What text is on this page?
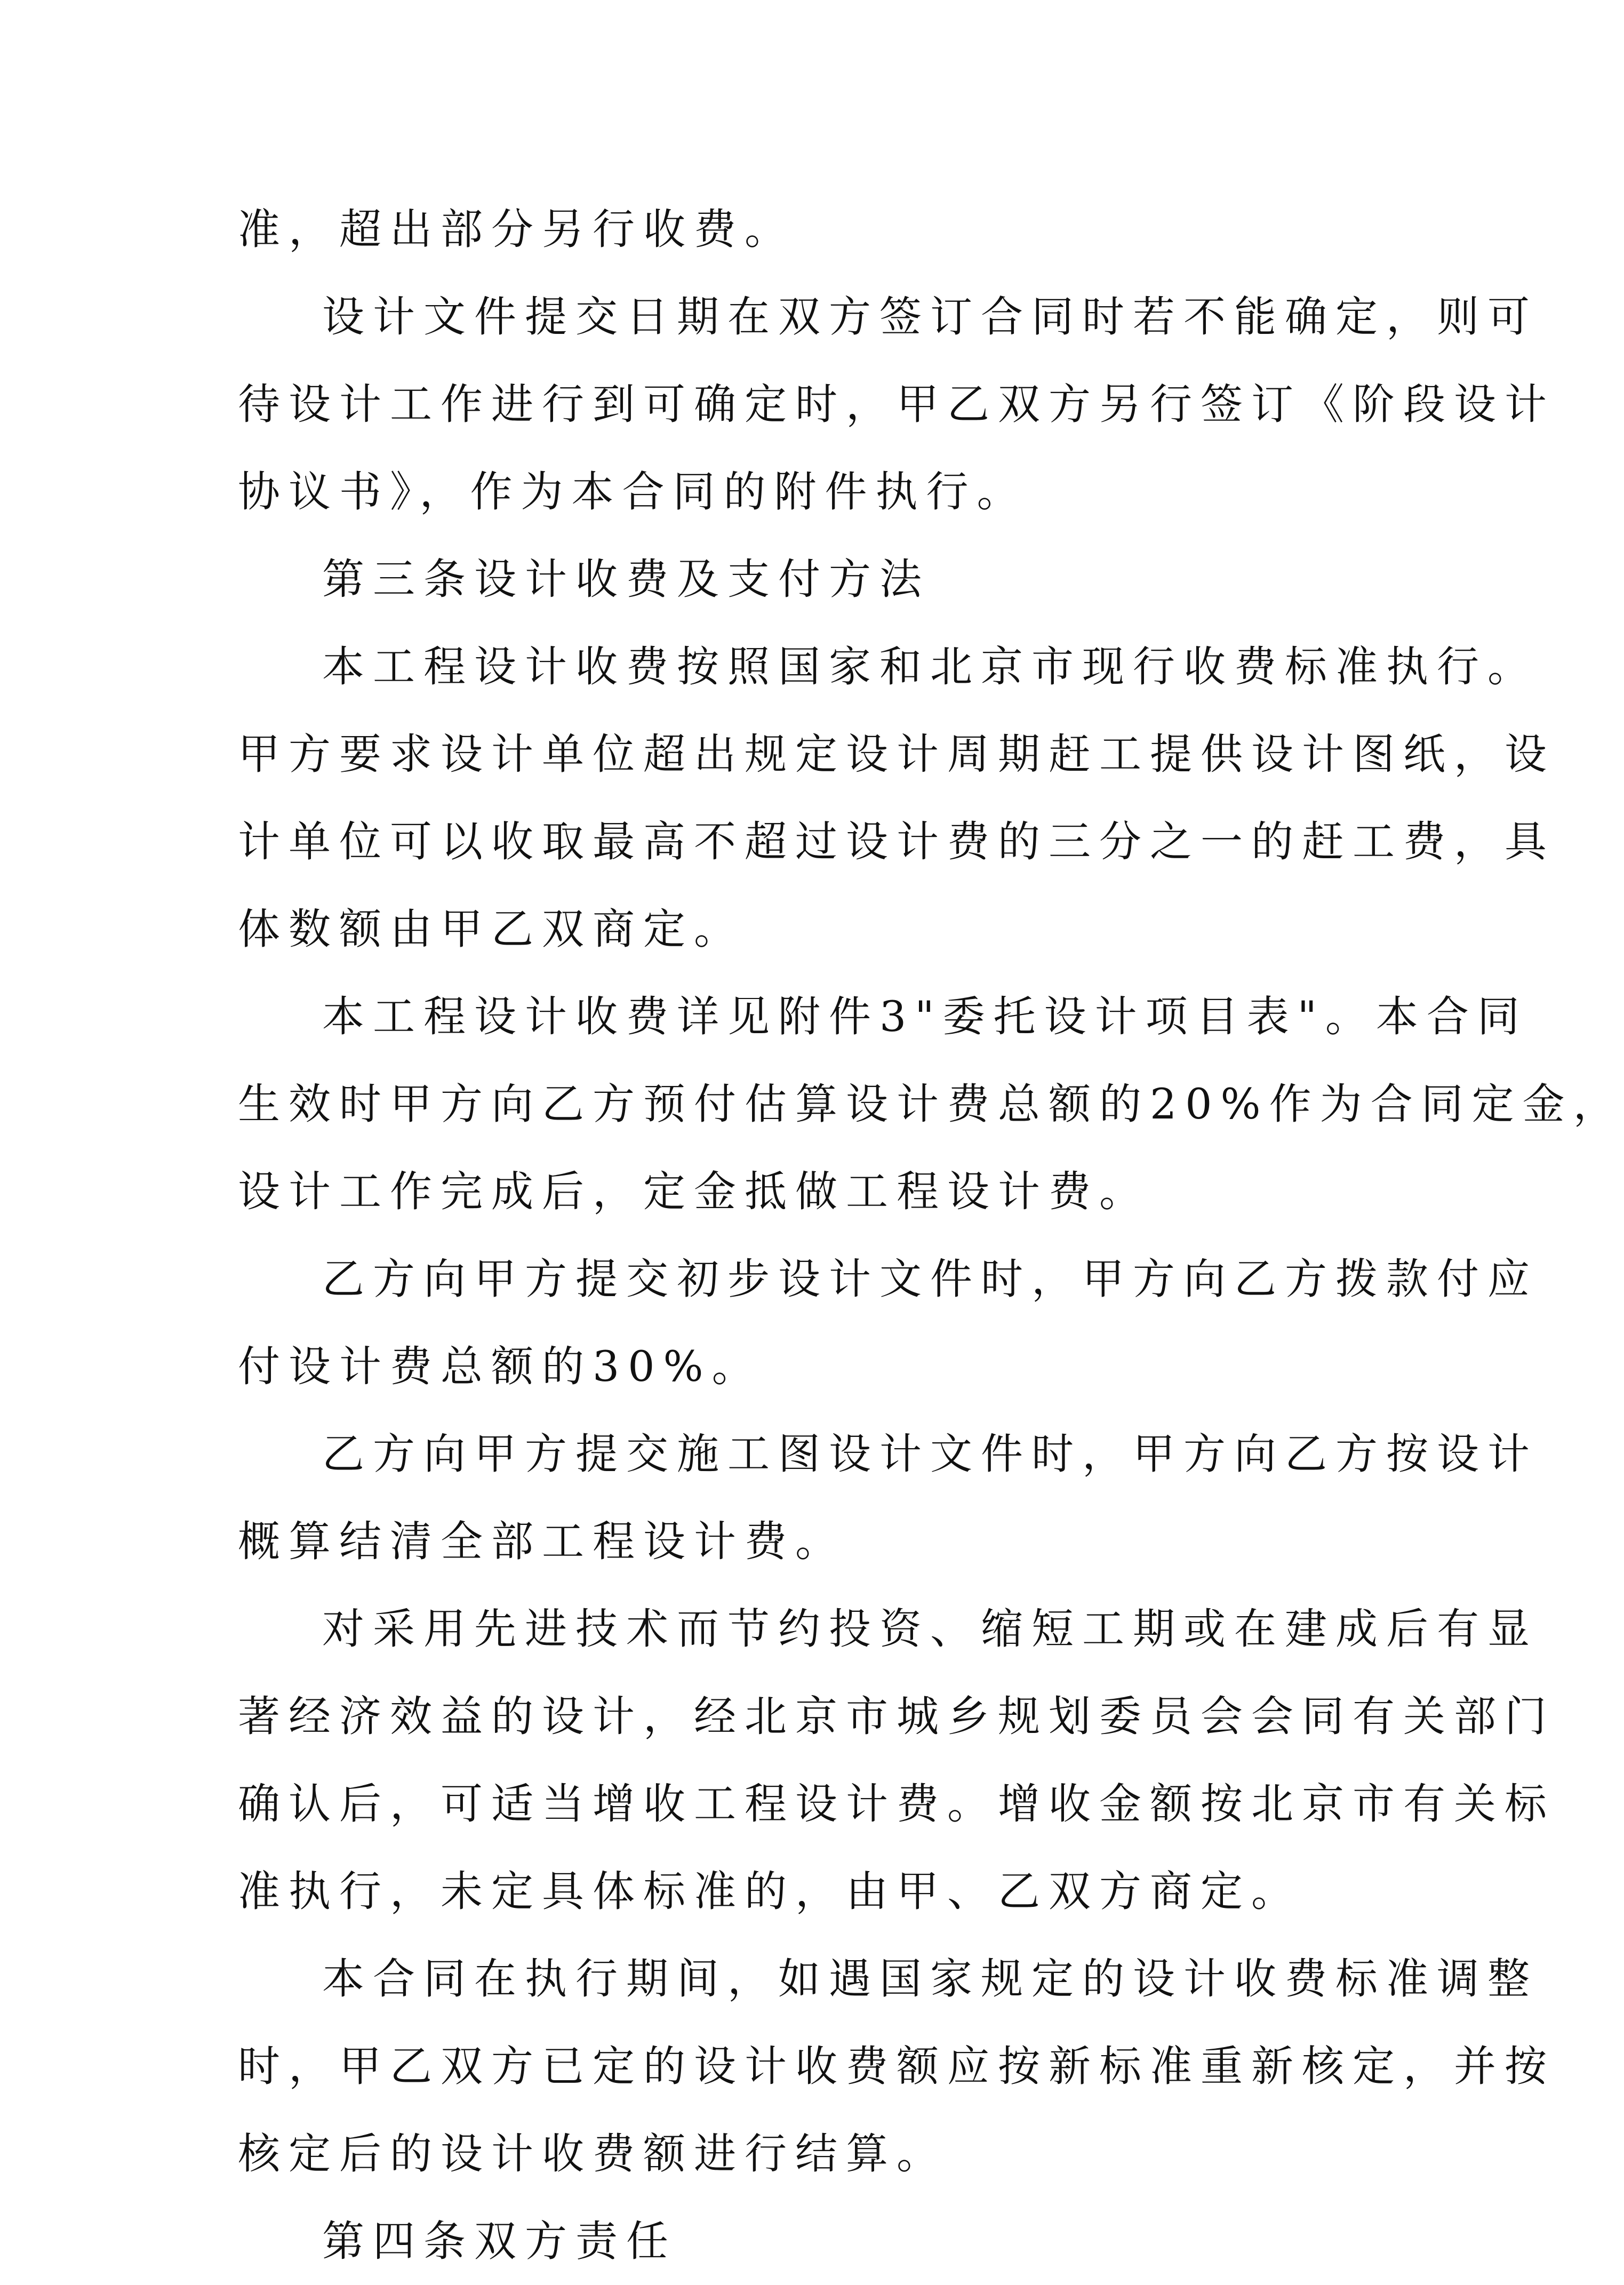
准，超出部分另行收费。
设计文件提交日期在双方签订合同时若不能确定，则可
待设计工作进行到可确定时，甲乙双方另行签订《阶段设计
协议书》，作为本合同的附件执行。
第三条设计收费及支付方法
本工程设计收费按照国家和北京市现行收费标准执行。
甲方要求设计单位超出规定设计周期赶工提供设计图纸，设
计单位可以收取最高不超过设计费的三分之一的赶工费，具
体数额由甲乙双商定。
本工程设计收费详见附件3"委托设计项目表"。本合同
生效时甲方向乙方预付估算设计费总额的20%作为合同定金，
设计工作完成后，定金抵做工程设计费。
乙方向甲方提交初步设计文件时，甲方向乙方拨款付应
付设计费总额的30%。
乙方向甲方提交施工图设计文件时，甲方向乙方按设计
概算结清全部工程设计费。
对采用先进技术而节约投资、缩短工期或在建成后有显
著经济效益的设计，经北京市城乡规划委员会会同有关部门
确认后，可适当增收工程设计费。增收金额按北京市有关标
准执行，未定具体标准的，由甲、乙双方商定。
本合同在执行期间，如遇国家规定的设计收费标准调整
时，甲乙双方已定的设计收费额应按新标准重新核定，并按
核定后的设计收费额进行结算。
第四条双方责任
